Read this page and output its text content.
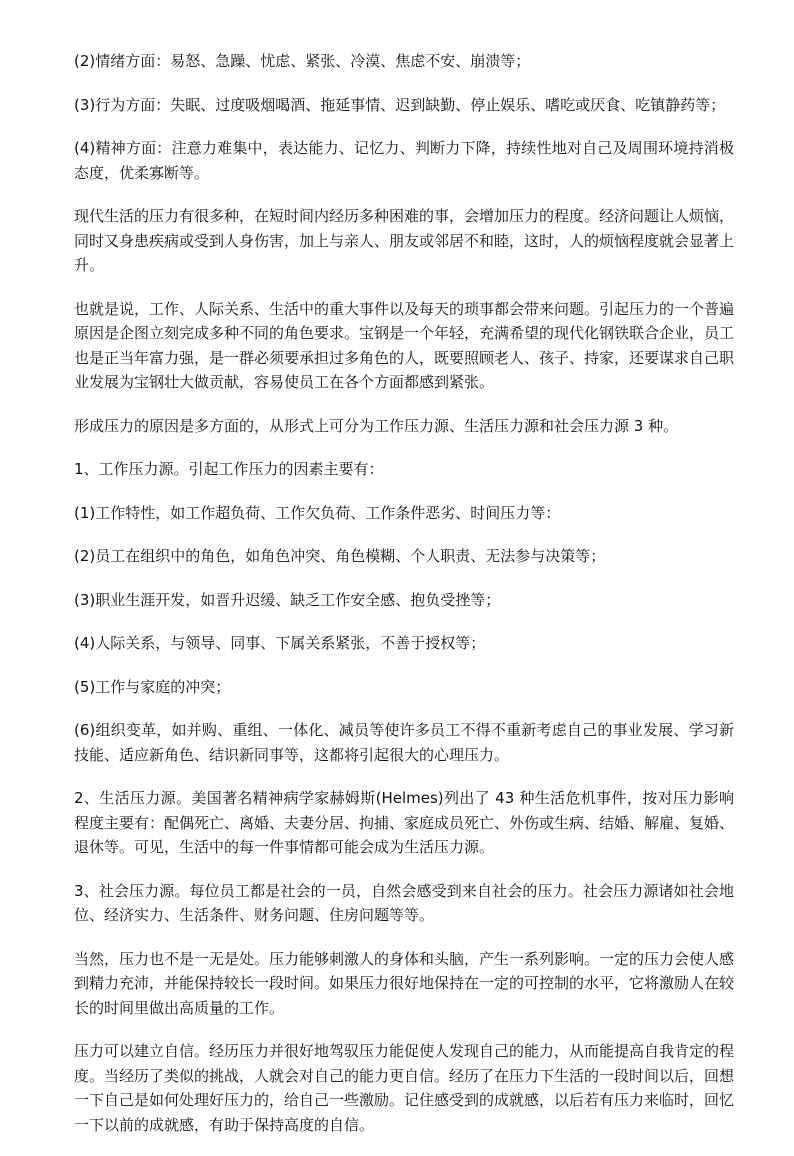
(2)情绪方面：易怒、急躁、忧虑、紧张、冷漠、焦虑不安、崩溃等；

(3)行为方面：失眠、过度吸烟喝酒、拖延事情、迟到缺勤、停止娱乐、嗜吃或厌食、吃镇静药等；

(4)精神方面：注意力难集中，表达能力、记忆力、判断力下降，持续性地对自己及周围环境持消极态度，优柔寡断等。

现代生活的压力有很多种，在短时间内经历多种困难的事，会增加压力的程度。经济问题让人烦恼，同时又身患疾病或受到人身伤害，加上与亲人、朋友或邻居不和睦，这时，人的烦恼程度就会显著上升。

也就是说，工作、人际关系、生活中的重大事件以及每天的琐事都会带来问题。引起压力的一个普遍原因是企图立刻完成多种不同的角色要求。宝钢是一个年轻，充满希望的现代化钢铁联合企业，员工也是正当年富力强，是一群必须要承担过多角色的人，既要照顾老人、孩子、持家，还要谋求自己职业发展为宝钢壮大做贡献，容易使员工在各个方面都感到紧张。

形成压力的原因是多方面的，从形式上可分为工作压力源、生活压力源和社会压力源 3 种。

1、工作压力源。引起工作压力的因素主要有：

(1)工作特性，如工作超负荷、工作欠负荷、工作条件恶劣、时间压力等：

(2)员工在组织中的角色，如角色冲突、角色模糊、个人职责、无法参与决策等；

(3)职业生涯开发，如晋升迟缓、缺乏工作安全感、抱负受挫等；

(4)人际关系，与领导、同事、下属关系紧张，不善于授权等；

(5)工作与家庭的冲突；

(6)组织变革，如并购、重组、一体化、减员等使许多员工不得不重新考虑自己的事业发展、学习新技能、适应新角色、结识新同事等，这都将引起很大的心理压力。

2、生活压力源。美国著名精神病学家赫姆斯(Helmes)列出了 43 种生活危机事件，按对压力影响程度主要有：配偶死亡、离婚、夫妻分居、拘捕、家庭成员死亡、外伤或生病、结婚、解雇、复婚、退休等。可见，生活中的每一件事情都可能会成为生活压力源。

3、社会压力源。每位员工都是社会的一员，自然会感受到来自社会的压力。社会压力源诸如社会地位、经济实力、生活条件、财务问题、住房问题等等。

当然，压力也不是一无是处。压力能够刺激人的身体和头脑，产生一系列影响。一定的压力会使人感到精力充沛，并能保持较长一段时间。如果压力很好地保持在一定的可控制的水平，它将激励人在较长的时间里做出高质量的工作。

压力可以建立自信。经历压力并很好地驾驭压力能促使人发现自己的能力，从而能提高自我肯定的程度。当经历了类似的挑战，人就会对自己的能力更自信。经历了在压力下生活的一段时间以后，回想一下自己是如何处理好压力的，给自己一些激励。记住感受到的成就感，以后若有压力来临时，回忆一下以前的成就感，有助于保持高度的自信。
